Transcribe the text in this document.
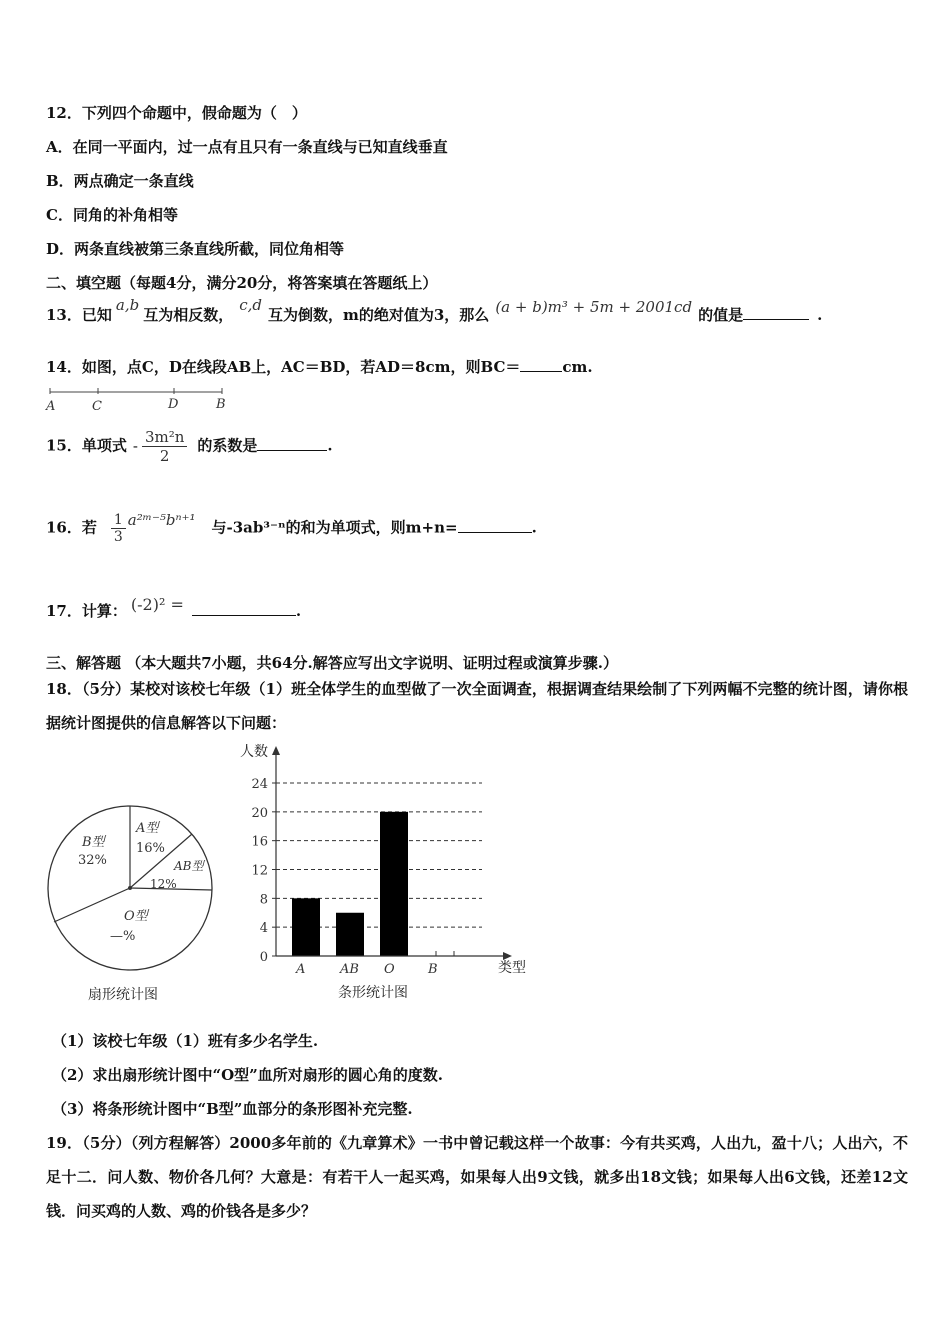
12．下列四个命题中，假命题为（　）
A．在同一平面内，过一点有且只有一条直线与已知直线垂直
B．两点确定一条直线
C．同角的补角相等
D．两条直线被第三条直线所截，同位角相等
二、填空题（每题4分，满分20分，将答案填在答题纸上）
13．已知a,b互为相反数，c,d互为倒数，m的绝对值为3，那么 (a + b)m³ + 5m + 2001cd 的值是	.
14．如图，点C，D在线段AB上，AC＝BD，若AD＝8cm，则BC＝	cm.
A	C	D	B
15．单项式 - $\frac{\text{3m²n}}{2}$ 的系数是	.
16．若 $\frac{1}{3}$ a²ᵐ⁻⁵bⁿ⁺¹ 与-3ab³⁻ⁿ的和为单项式，则m+n=	.
17．计算： (-2)² =	.
三、解答题 （本大题共7小题，共64分.解答应写出文字说明、证明过程或演算步骤.）
18．（5分）某校对该校七年级（1）班全体学生的血型做了一次全面调查，根据调查结果绘制了下列两幅不完整的统计图，请你根据统计图提供的信息解答以下问题：
A型
16%
AB型
12%
O型
—%
B型
32%
扇形统计图
0
4
8
12
16
20
24
A	AB O	B
人数
类型
条形统计图
（1）该校七年级（1）班有多少名学生.
（2）求出扇形统计图中“O型”血所对扇形的圆心角的度数.
（3）将条形统计图中“B型”血部分的条形图补充完整.
19．（5分）（列方程解答）2000多年前的《九章算术》一书中曾记载这样一个故事：今有共买鸡，人出九，盈十八；人出六，不足十二．问人数、物价各几何？大意是：有若干人一起买鸡，如果每人出9文钱，就多出18文钱；如果每人出6文钱，还差12文钱．问买鸡的人数、鸡的价钱各是多少？
